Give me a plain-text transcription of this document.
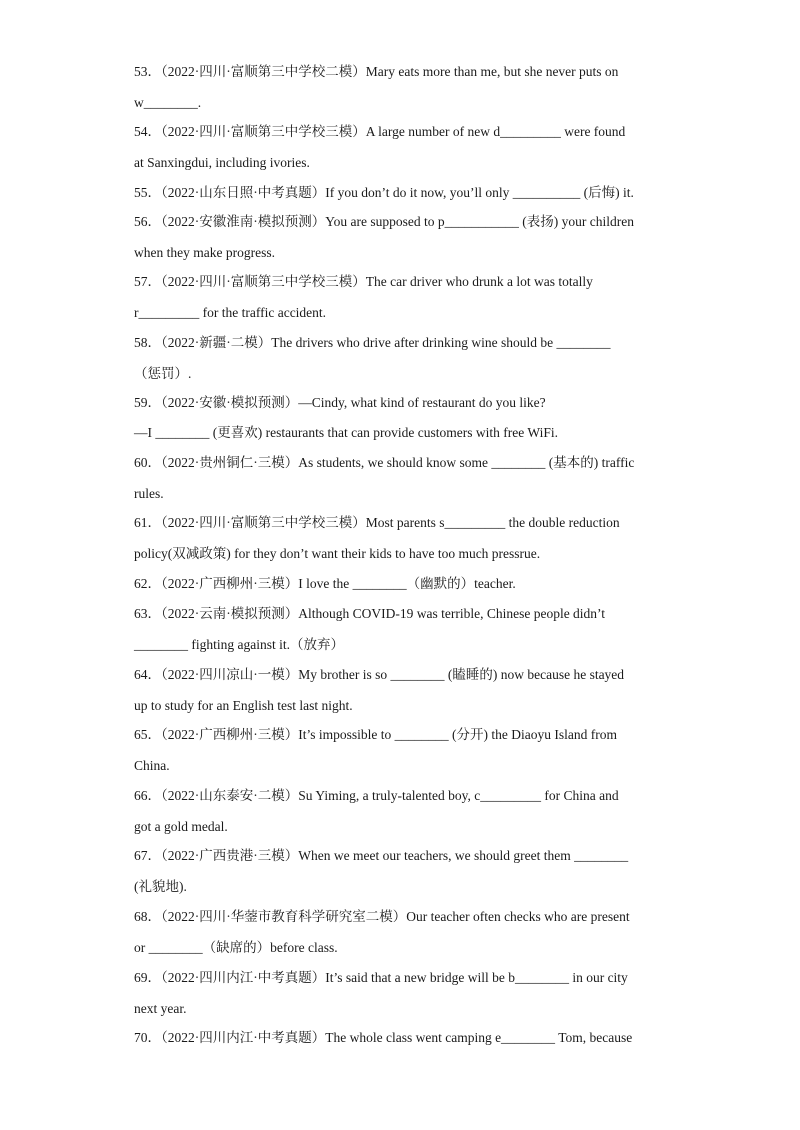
53．（2022·四川·富顺第三中学校二模）Mary eats more than me, but she never puts on
w________.
54．（2022·四川·富顺第三中学校三模）A large number of new d_________ were found
at Sanxingdui, including ivories.
55．（2022·山东日照·中考真题）If you don’t do it now, you’ll only __________ (后悔) it.
56．（2022·安徽淮南·模拟预测）You are supposed to p___________ (表扬) your children
when they make progress.
57．（2022·四川·富顺第三中学校三模）The car driver who drunk a lot was totally
r_________ for the traffic accident.
58．（2022·新疆·二模）The drivers who drive after drinking wine should be ________
（惩罚）.
59．（2022·安徽·模拟预测）—Cindy, what kind of restaurant do you like?
—I ________ (更喜欢) restaurants that can provide customers with free WiFi.
60．（2022·贵州铜仁·三模）As students, we should know some ________ (基本的) traffic
rules.
61．（2022·四川·富顺第三中学校三模）Most parents s_________ the double reduction
policy(双减政策) for they don’t want their kids to have too much pressrue.
62．（2022·广西柳州·三模）I love the ________（幽默的）teacher.
63．（2022·云南·模拟预测）Although COVID-19 was terrible, Chinese people didn’t
________ fighting against it.（放弃）
64．（2022·四川凉山·一模）My brother is so ________ (瞌睡的) now because he stayed
up to study for an English test last night.
65．（2022·广西柳州·三模）It’s impossible to ________ (分开) the Diaoyu Island from
China.
66．（2022·山东泰安·二模）Su Yiming, a truly-talented boy, c_________ for China and
got a gold medal.
67．（2022·广西贵港·三模）When we meet our teachers, we should greet them ________
(礼貌地).
68．（2022·四川·华蓥市教育科学研究室二模）Our teacher often checks who are present
or ________（缺席的）before class.
69．（2022·四川内江·中考真题）It’s said that a new bridge will be b________ in our city
next year.
70．（2022·四川内江·中考真题）The whole class went camping e________ Tom, because
